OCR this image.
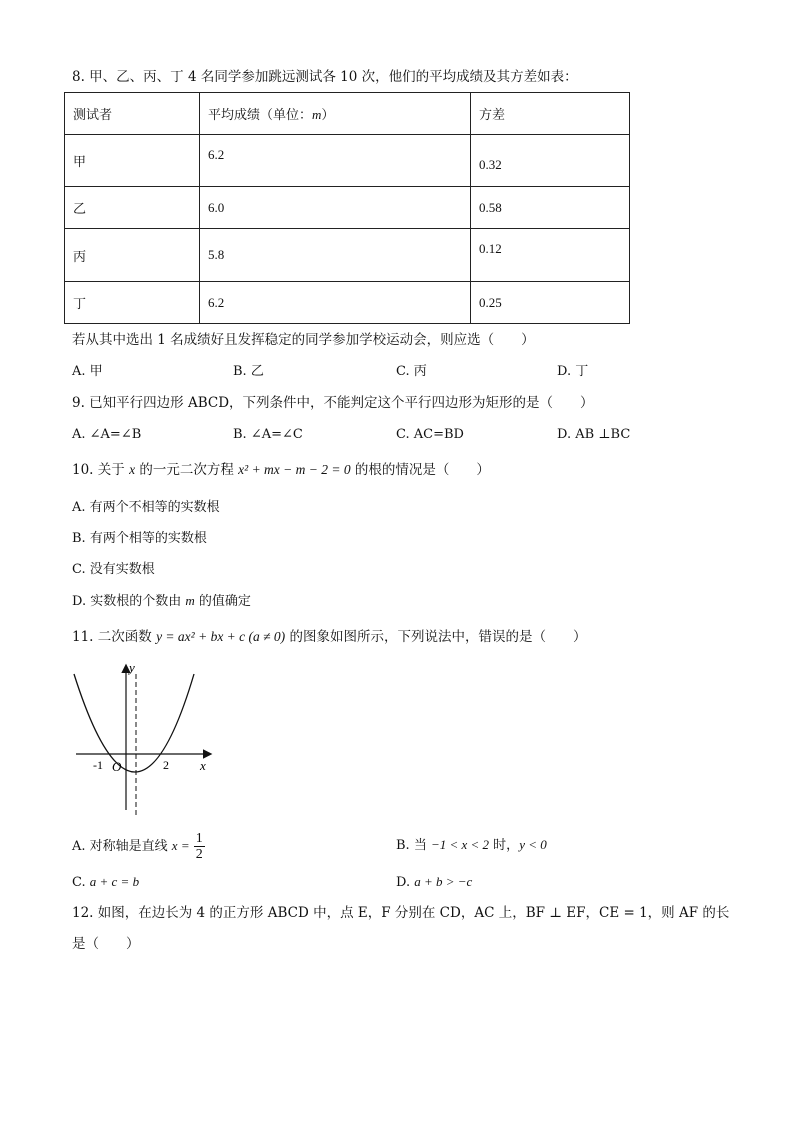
8. 甲、乙、丙、丁 4 名同学参加跳远测试各 10 次，他们的平均成绩及其方差如表：
测试者	平均成绩（单位：m）	方差
甲	6.2	0.32
乙	6.0	0.58
丙	5.8	0.12
丁	6.2	0.25
若从其中选出 1 名成绩好且发挥稳定的同学参加学校运动会，则应选（　　）
A. 甲	B. 乙	C. 丙	D. 丁
9. 已知平行四边形 ABCD，下列条件中，不能判定这个平行四边形为矩形的是（　　）
A. ∠A=∠B	B. ∠A=∠C	C. AC=BD	D. AB ⊥BC
10. 关于 x 的一元二次方程 x² + mx − m − 2 = 0 的根的情况是（　　）
A. 有两个不相等的实数根
B. 有两个相等的实数根
C. 没有实数根
D. 实数根的个数由 m 的值确定
11. 二次函数 y = ax² + bx + c (a ≠ 0) 的图象如图所示，下列说法中，错误的是（　　）
y
x
O
-1	2
A. 对称轴是直线 $x = \frac{1}{2}$	B. 当 −1 < x < 2 时，y < 0
C. a + c = b	D. a + b > −c
12. 如图，在边长为 4 的正方形 ABCD 中，点 E，F 分别在 CD，AC 上，BF ⊥ EF，CE = 1，则 AF 的长
是（　　）
